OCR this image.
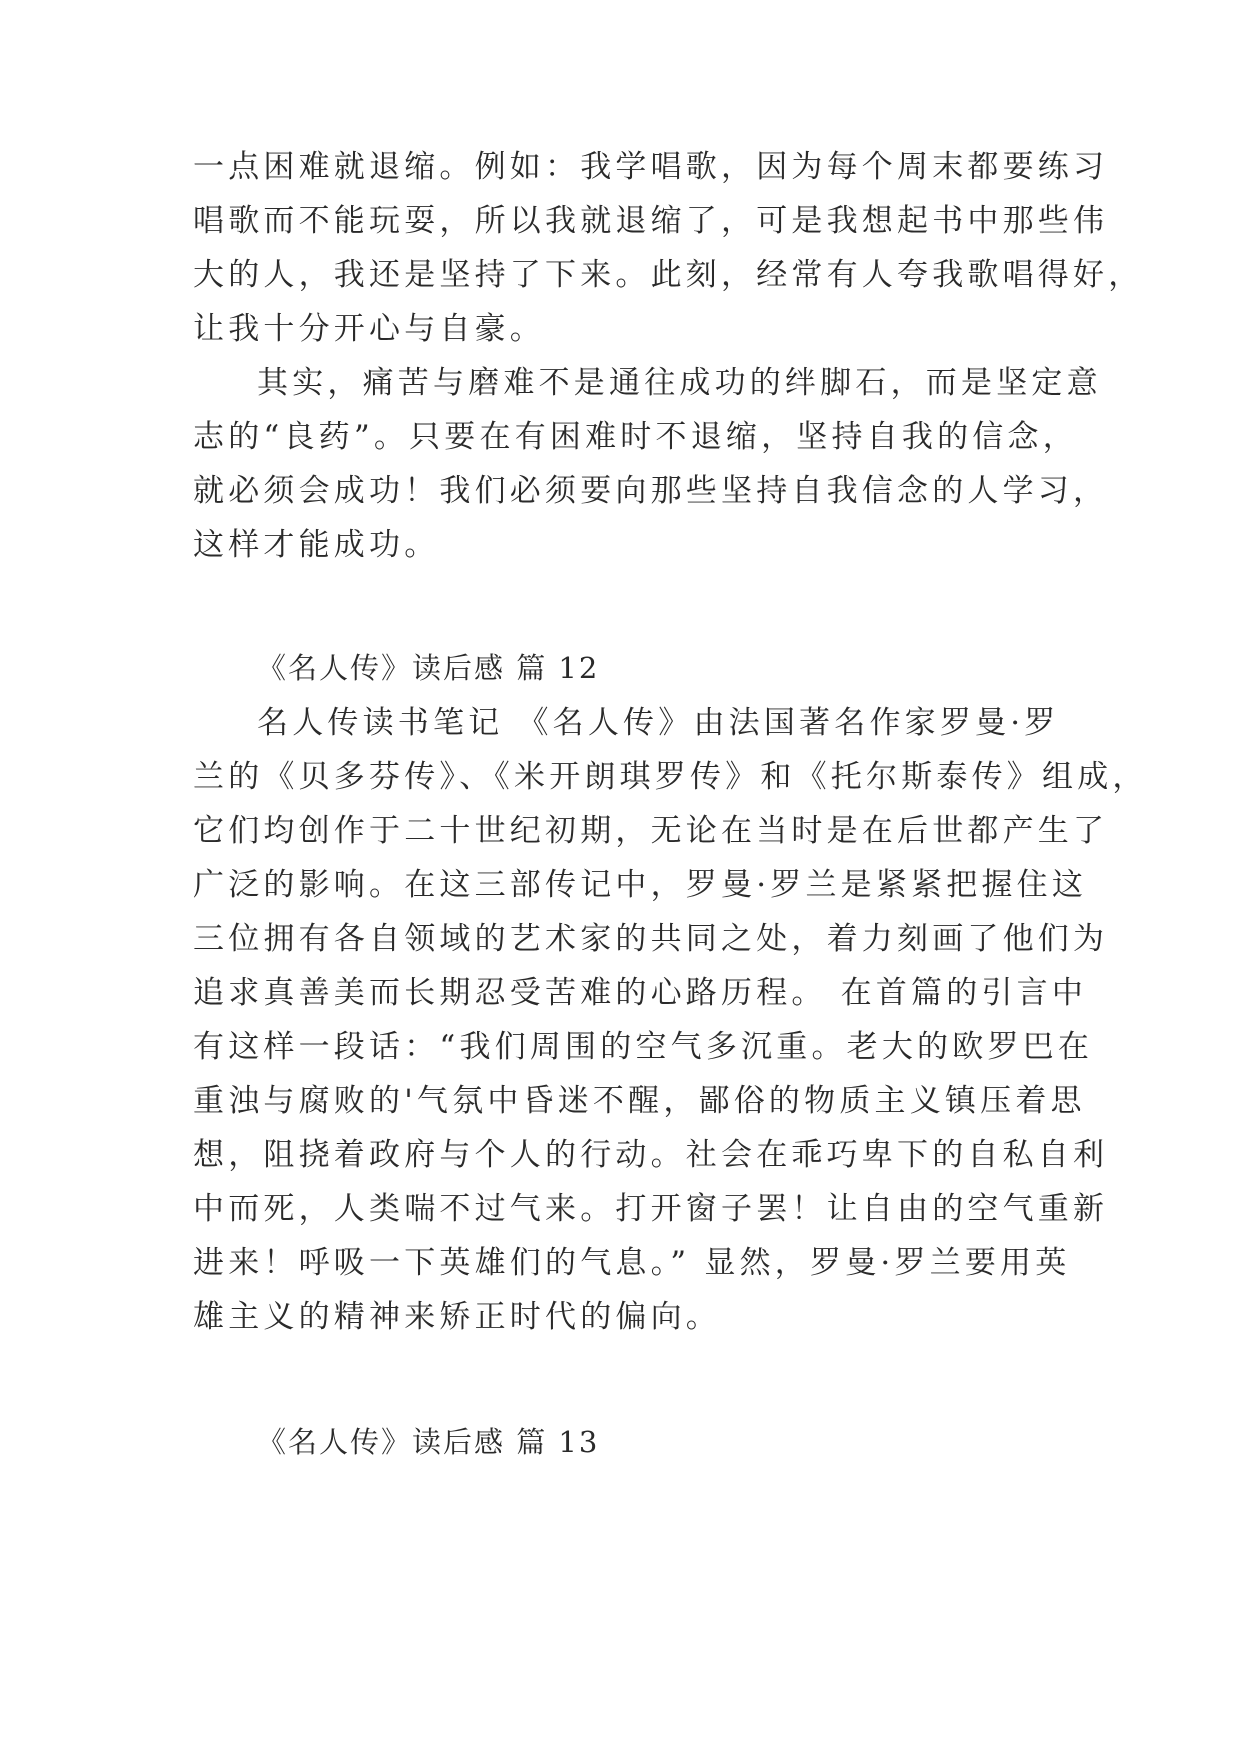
一点困难就退缩。例如：我学唱歌，因为每个周末都要练习
唱歌而不能玩耍，所以我就退缩了，可是我想起书中那些伟
大的人，我还是坚持了下来。此刻，经常有人夸我歌唱得好，
让我十分开心与自豪。
其实，痛苦与磨难不是通往成功的绊脚石，而是坚定意
志的“良药”。只要在有困难时不退缩，坚持自我的信念，
就必须会成功！我们必须要向那些坚持自我信念的人学习，
这样才能成功。
《名人传》读后感 篇 12
名人传读书笔记 《名人传》由法国著名作家罗曼·罗
兰的《贝多芬传》、《米开朗琪罗传》和《托尔斯泰传》组成，
它们均创作于二十世纪初期，无论在当时是在后世都产生了
广泛的影响。在这三部传记中，罗曼·罗兰是紧紧把握住这
三位拥有各自领域的艺术家的共同之处，着力刻画了他们为
追求真善美而长期忍受苦难的心路历程。 在首篇的引言中
有这样一段话：“我们周围的空气多沉重。老大的欧罗巴在
重浊与腐败的'气氛中昏迷不醒，鄙俗的物质主义镇压着思
想，阻挠着政府与个人的行动。社会在乖巧卑下的自私自利
中而死，人类喘不过气来。打开窗子罢！让自由的空气重新
进来！呼吸一下英雄们的气息。” 显然，罗曼·罗兰要用英
雄主义的精神来矫正时代的偏向。
《名人传》读后感 篇 13
